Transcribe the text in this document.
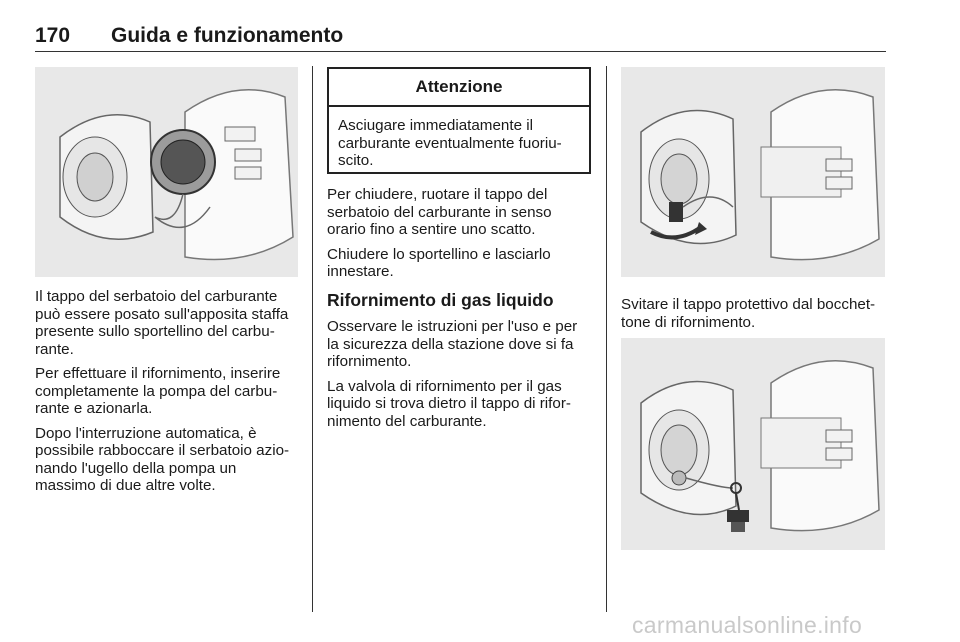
170 Guida e funzionamento

Il tappo del serbatoio del carburante può essere posato sull'apposita staffa presente sullo sportellino del carbu- rante.

Per effettuare il rifornimento, inserire completamente la pompa del carbu- rante e azionarla.

Dopo l'interruzione automatica, è possibile rabboccare il serbatoio azio- nando l'ugello della pompa un massimo di due altre volte.

Attenzione
Asciugare immediatamente il carburante eventualmente fuoriu- scito.

Per chiudere, ruotare il tappo del serbatoio del carburante in senso orario fino a sentire uno scatto.

Chiudere lo sportellino e lasciarlo innestare.

Rifornimento di gas liquido

Osservare le istruzioni per l'uso e per la sicurezza della stazione dove si fa rifornimento.

La valvola di rifornimento per il gas liquido si trova dietro il tappo di rifor- nimento del carburante.

Svitare il tappo protettivo dal bocchet- tone di rifornimento.

carmanualsonline.info
